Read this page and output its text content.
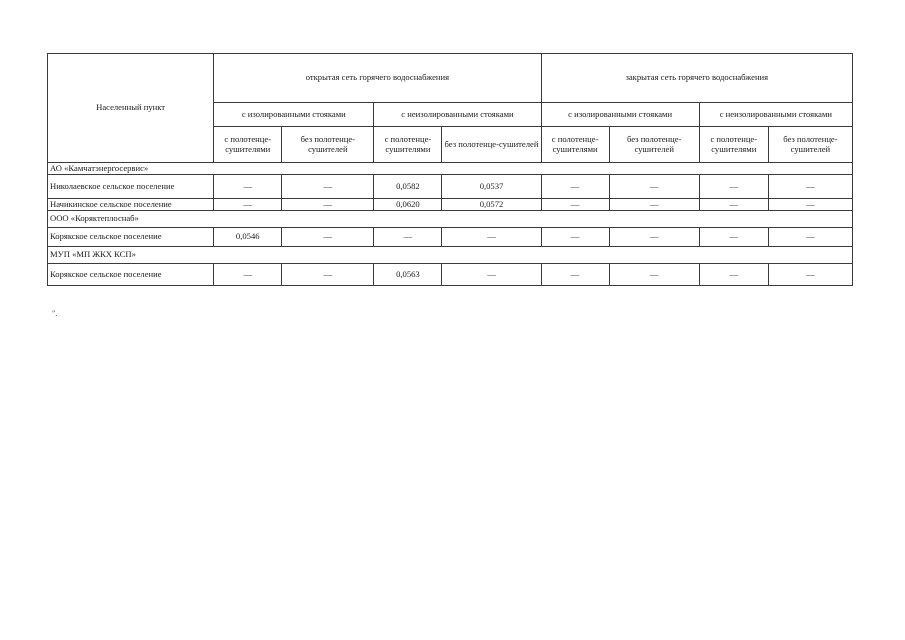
Населенный пункт	открытая сеть горячего водоснабжения				закрытая сеть горячего водоснабжения			
	с изолированными стояками		с неизолированными стояками		с изолированными стояками		с неизолированными стояками	
	с полотенце-сушителями	без полотенце-сушителей	с полотенце-сушителями	без полотенце-сушителей	с полотенце-сушителями	без полотенце-сушителей	с полотенце-сушителями	без полотенце-сушителей
АО «Камчатэнергосервис»								
Николаевское сельское поселение	—	—	0,0582	0,0537	—	—	—	—
Начикинское сельское поселение	—	—	0,0620	0,0572	—	—	—	—
ООО «Коряктеплоснаб»								
Корякское сельское поселение	0,0546	—	—	—	—	—	—	—
МУП «МП ЖКХ КСП»								
Корякское сельское поселение	—	—	0,0563	—	—	—	—	—
".
